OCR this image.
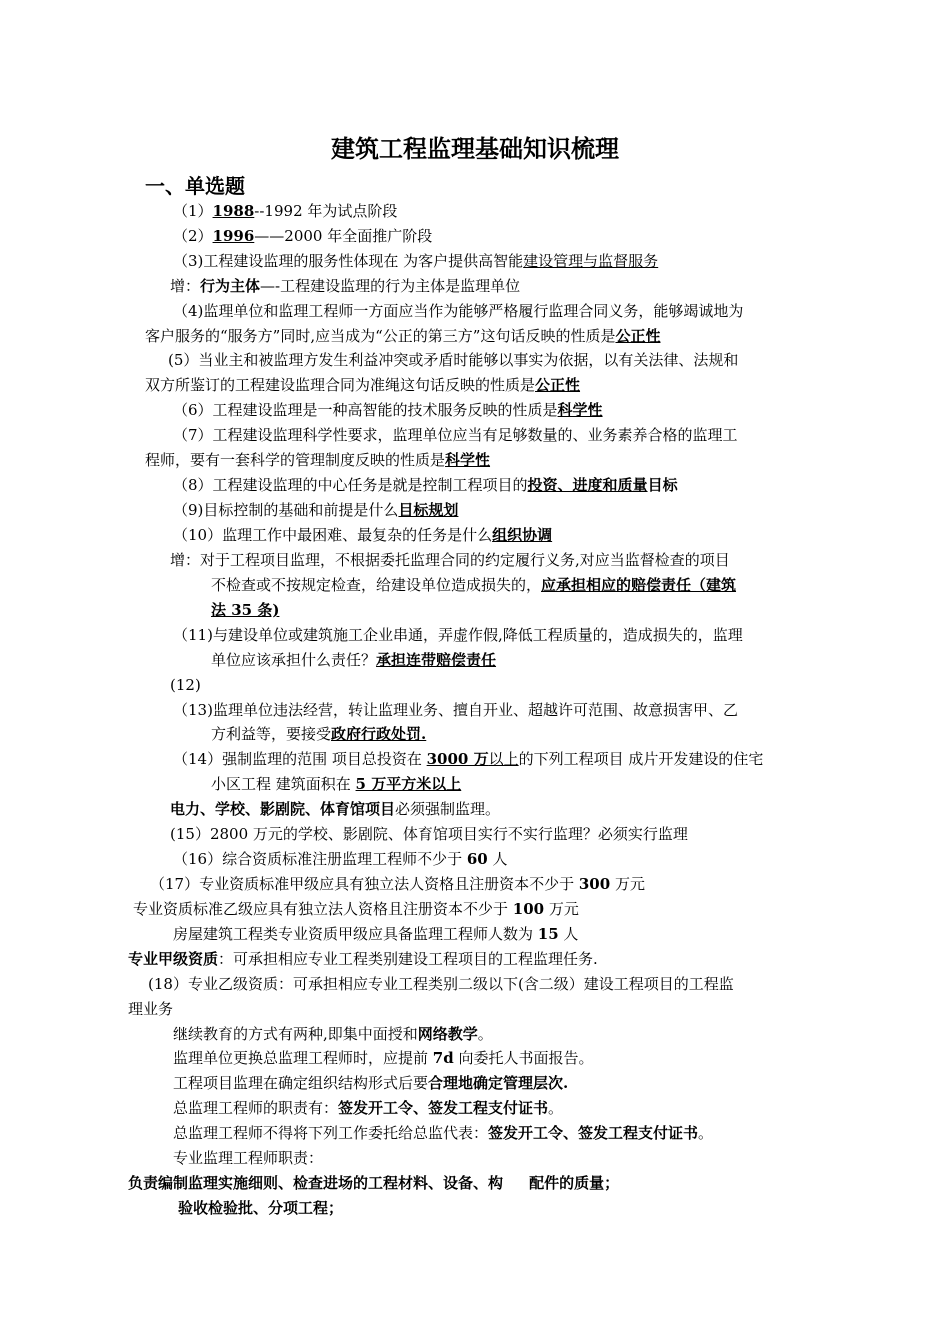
建筑工程监理基础知识梳理
一、单选题
（1）1988--1992 年为试点阶段
（2）1996——2000 年全面推广阶段
（3)工程建设监理的服务性体现在 为客户提供高智能建设管理与监督服务
增：行为主体—-工程建设监理的行为主体是监理单位
（4)监理单位和监理工程师一方面应当作为能够严格履行监理合同义务，能够竭诚地为
客户服务的“服务方”同时,应当成为“公正的第三方”这句话反映的性质是公正性
(5）当业主和被监理方发生利益冲突或矛盾时能够以事实为依据，以有关法律、法规和
双方所鉴订的工程建设监理合同为准绳这句话反映的性质是公正性
（6）工程建设监理是一种高智能的技术服务反映的性质是科学性
（7）工程建设监理科学性要求，监理单位应当有足够数量的、业务素养合格的监理工
程师，要有一套科学的管理制度反映的性质是科学性
（8）工程建设监理的中心任务是就是控制工程项目的投资、进度和质量目标
（9)目标控制的基础和前提是什么目标规划
（10）监理工作中最困难、最复杂的任务是什么组织协调
增：对于工程项目监理，不根据委托监理合同的约定履行义务,对应当监督检查的项目
不检查或不按规定检查，给建设单位造成损失的，应承担相应的赔偿责任（建筑
法 35 条)
（11)与建设单位或建筑施工企业串通，弄虚作假,降低工程质量的，造成损失的，监理
单位应该承担什么责任？承担连带赔偿责任
(12)
（13)监理单位违法经营，转让监理业务、擅自开业、超越许可范围、故意损害甲、乙
方利益等，要接受政府行政处罚.
（14）强制监理的范围 项目总投资在 3000 万以上的下列工程项目 成片开发建设的住宅
小区工程 建筑面积在 5 万平方米以上
电力、学校、影剧院、体育馆项目必须强制监理。
(15）2800 万元的学校、影剧院、体育馆项目实行不实行监理？必须实行监理
（16）综合资质标准注册监理工程师不少于 60 人
（17）专业资质标准甲级应具有独立法人资格且注册资本不少于 300 万元
专业资质标准乙级应具有独立法人资格且注册资本不少于 100 万元
房屋建筑工程类专业资质甲级应具备监理工程师人数为 15 人
专业甲级资质：可承担相应专业工程类别建设工程项目的工程监理任务.
(18）专业乙级资质：可承担相应专业工程类别二级以下(含二级）建设工程项目的工程监
理业务
继续教育的方式有两种,即集中面授和网络教学。
监理单位更换总监理工程师时，应提前 7d 向委托人书面报告。
工程项目监理在确定组织结构形式后要合理地确定管理层次.
总监理工程师的职责有：签发开工令、签发工程支付证书。
总监理工程师不得将下列工作委托给总监代表：签发开工令、签发工程支付证书。
专业监理工程师职责：
负责编制监理实施细则、检查进场的工程材料、设备、构     配件的质量；
验收检验批、分项工程；
